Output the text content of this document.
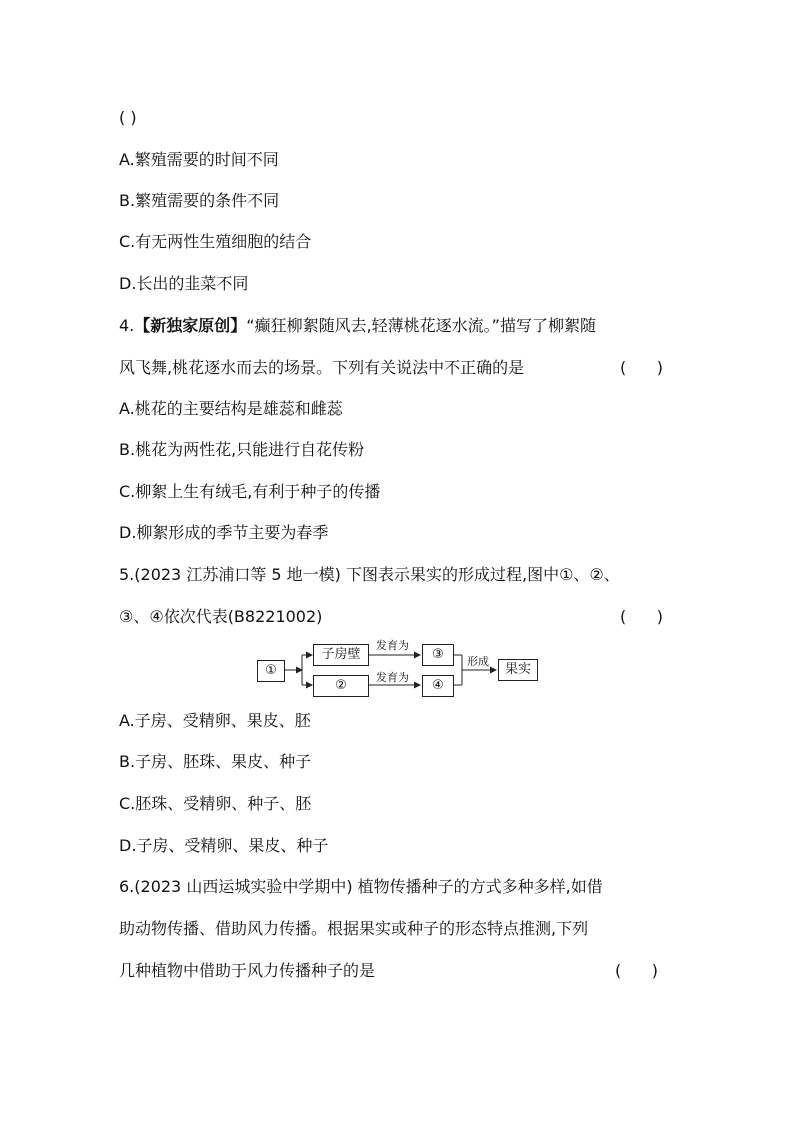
( )
A.繁殖需要的时间不同
B.繁殖需要的条件不同
C.有无两性生殖细胞的结合
D.长出的韭菜不同
4.【新独家原创】“癫狂柳絮随风去,轻薄桃花逐水流。”描写了柳絮随
风飞舞,桃花逐水而去的场景。下列有关说法中不正确的是	(      )
A.桃花的主要结构是雄蕊和雌蕊
B.桃花为两性花,只能进行自花传粉
C.柳絮上生有绒毛,有利于种子的传播
D.柳絮形成的季节主要为春季
5.(2023 江苏浦口等 5 地一模) 下图表示果实的形成过程,图中①、②、
③、④依次代表(B8221002)	(      )
①
子房壁
②
发育为
发育为
③
④
形成
果实
A.子房、受精卵、果皮、胚
B.子房、胚珠、果皮、种子
C.胚珠、受精卵、种子、胚
D.子房、受精卵、果皮、种子
6.(2023 山西运城实验中学期中) 植物传播种子的方式多种多样,如借
助动物传播、借助风力传播。根据果实或种子的形态特点推测,下列
几种植物中借助于风力传播种子的是	(      )
